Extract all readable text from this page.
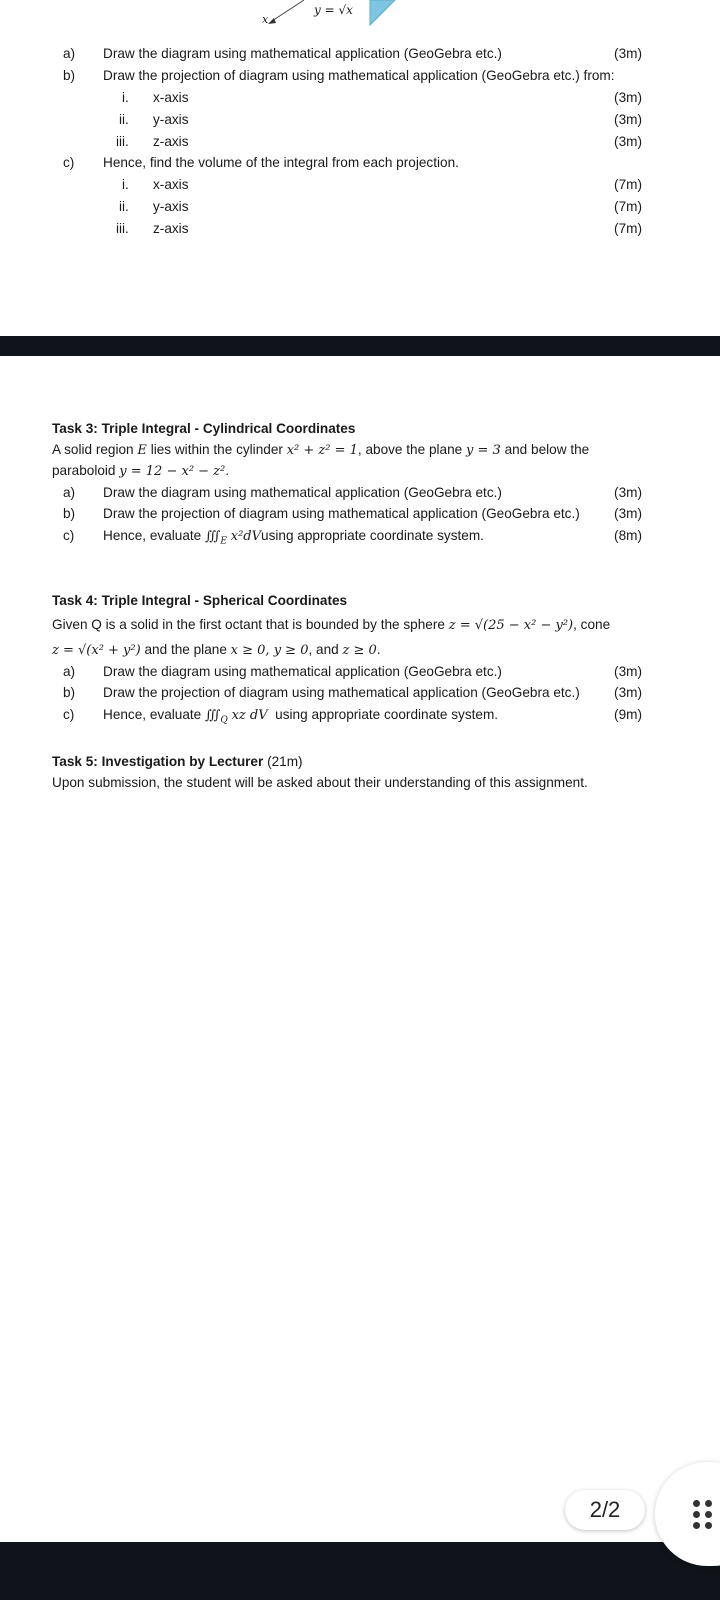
x
y = √x
a) Draw the diagram using mathematical application (GeoGebra etc.)	(3m)
b) Draw the projection of diagram using mathematical application (GeoGebra etc.) from:
i. x-axis	(3m)
ii. y-axis	(3m)
iii. z-axis	(3m)
c) Hence, find the volume of the integral from each projection.
i. x-axis	(7m)
ii. y-axis	(7m)
iii. z-axis	(7m)
Task 3: Triple Integral - Cylindrical Coordinates
A solid region E lies within the cylinder x² + z² = 1, above the plane y = 3 and below the
paraboloid y = 12 − x² − z².
a) Draw the diagram using mathematical application (GeoGebra etc.)	(3m)
b) Draw the projection of diagram using mathematical application (GeoGebra etc.)	(3m)
c) Hence, evaluate $∭_E$ x²dVusing appropriate coordinate system.	(8m)
Task 4: Triple Integral - Spherical Coordinates
Given Q is a solid in the first octant that is bounded by the sphere z = √(25 − x² − y²), cone
z = √(x² + y²) and the plane x ≥ 0, y ≥ 0, and z ≥ 0.
a) Draw the diagram using mathematical application (GeoGebra etc.)	(3m)
b) Draw the projection of diagram using mathematical application (GeoGebra etc.)	(3m)
c) Hence, evaluate $∭_Q$ xz dV using appropriate coordinate system.	(9m)
Task 5: Investigation by Lecturer (21m)
Upon submission, the student will be asked about their understanding of this assignment.
2/2
